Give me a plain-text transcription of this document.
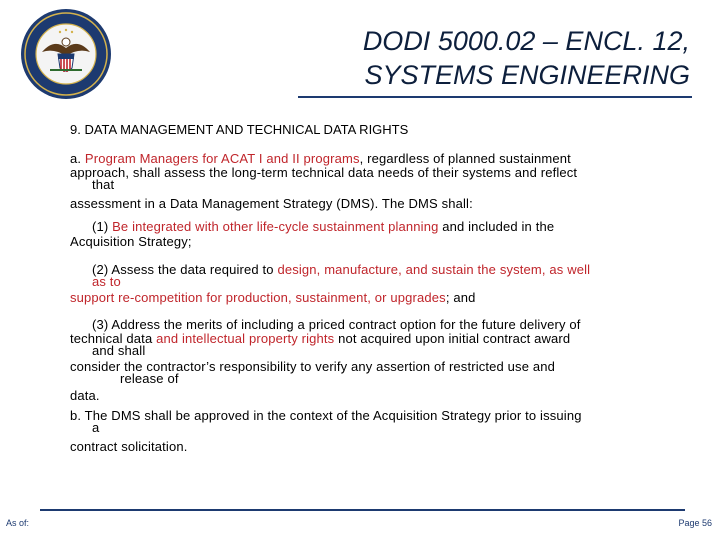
DODI 5000.02 – ENCL. 12,
SYSTEMS ENGINEERING
9. DATA MANAGEMENT AND TECHNICAL DATA RIGHTS
a. Program Managers for ACAT I and II programs, regardless of planned sustainment
approach, shall assess the long-term technical data needs of their systems and reflect
that
assessment in a Data Management Strategy (DMS). The DMS shall:
(1) Be integrated with other life-cycle sustainment planning and included in the
Acquisition Strategy;
(2) Assess the data required to design, manufacture, and sustain the system, as well
as to
support re-competition for production, sustainment, or upgrades; and
(3) Address the merits of including a priced contract option for the future delivery of
technical data and intellectual property rights not acquired upon initial contract award
and shall
consider the contractor’s responsibility to verify any assertion of restricted use and
release of
data.
b. The DMS shall be approved in the context of the Acquisition Strategy prior to issuing
a
contract solicitation.
As of:	Page 56
